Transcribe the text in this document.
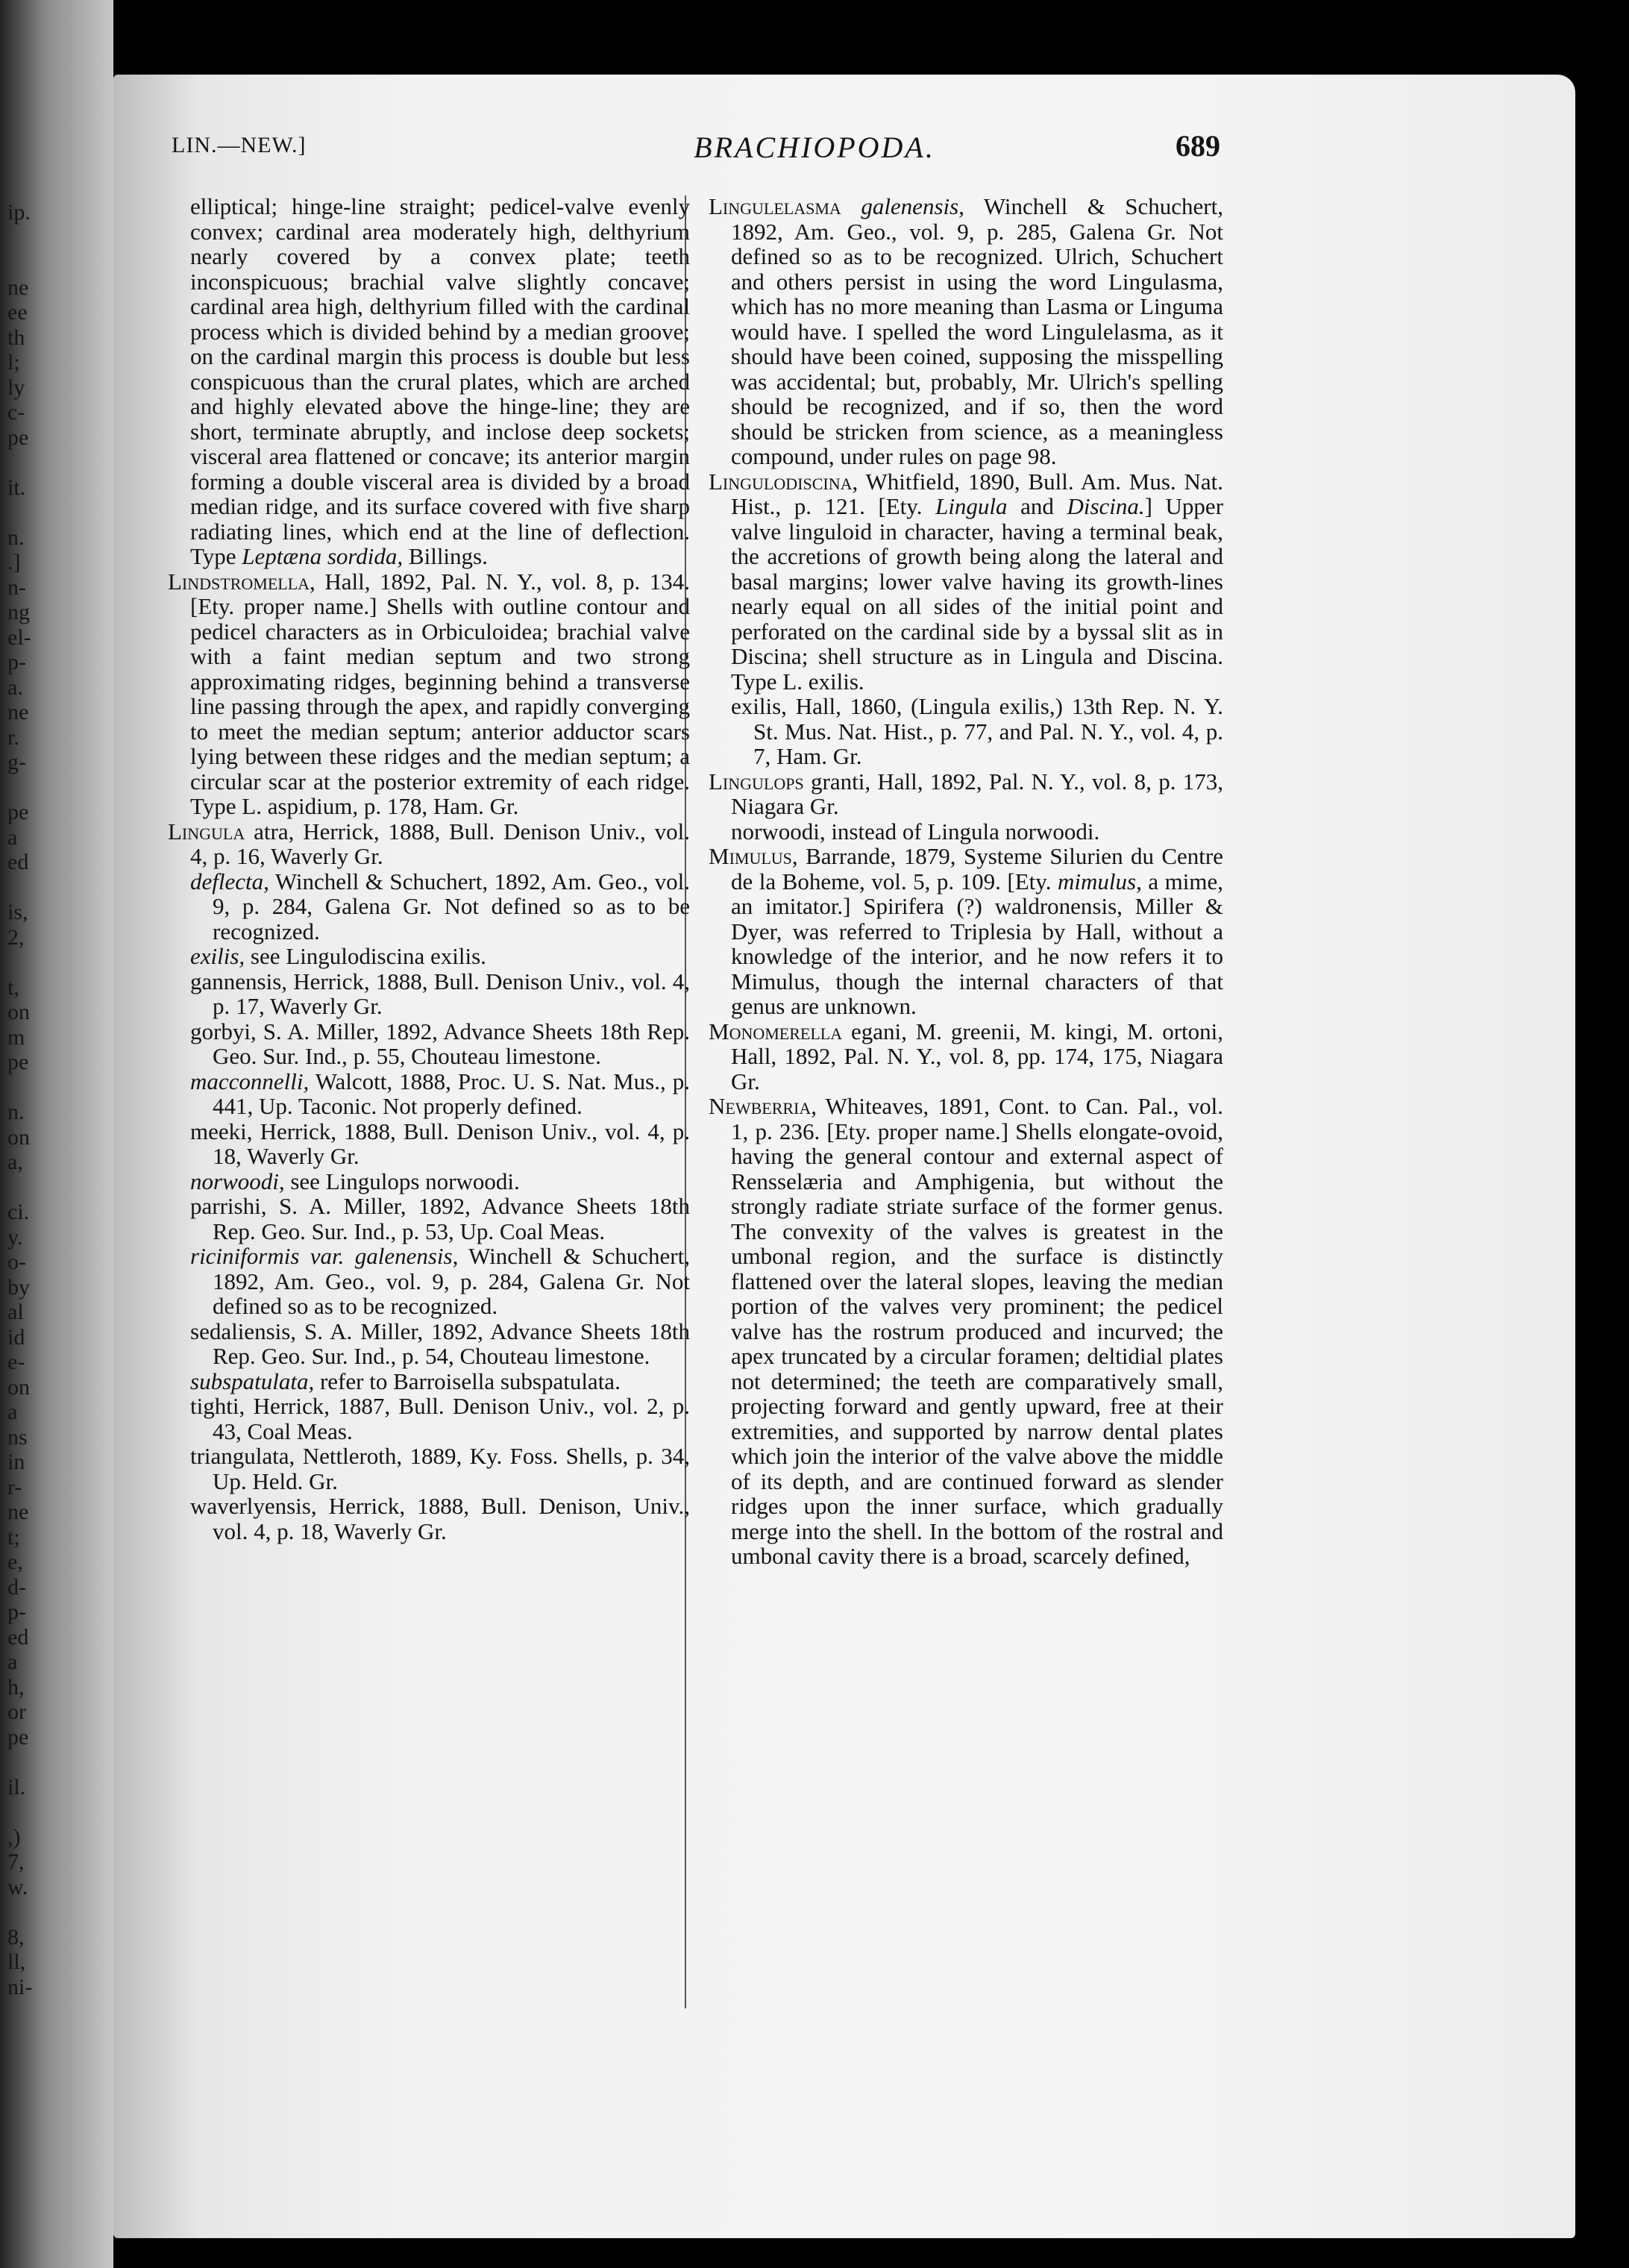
ip.
ne
ee
th
l;
ly
c-
pe
it.
n.
.]
n-
ng
el-
p-
a.
ne
r.
g-
pe
a
ed
is,
2,
t,
on
m
pe
n.
on
a,
ci.
y.
o-
by
al
id
e-
on
a
ns
in
r-
ne
t;
e,
d-
p-
ed
a
h,
or
pe
il.
,)
7,
w.
8,
ll,
ni-
LIN.—NEW.]	BRACHIOPODA.	689

elliptical; hinge-line straight; pedicel-valve evenly convex; cardinal area moderately high, delthyrium nearly covered by a convex plate; teeth inconspicuous; brachial valve slightly concave; cardinal area high, delthyrium filled with the cardinal process which is divided behind by a median groove; on the cardinal margin this process is double but less conspicuous than the crural plates, which are arched and highly elevated above the hinge-line; they are short, terminate abruptly, and inclose deep sockets; visceral area flattened or concave; its anterior margin forming a double visceral area is divided by a broad median ridge, and its surface covered with five sharp radiating lines, which end at the line of deflection. Type Leptæna sordida, Billings.

Lindstromella, Hall, 1892, Pal. N. Y., vol. 8, p. 134. [Ety. proper name.] Shells with outline contour and pedicel characters as in Orbiculoidea; brachial valve with a faint median septum and two strong approximating ridges, beginning behind a transverse line passing through the apex, and rapidly converging to meet the median septum; anterior adductor scars lying between these ridges and the median septum; a circular scar at the posterior extremity of each ridge. Type L. aspidium, p. 178, Ham. Gr.

Lingula atra, Herrick, 1888, Bull. Denison Univ., vol. 4, p. 16, Waverly Gr.

deflecta, Winchell & Schuchert, 1892, Am. Geo., vol. 9, p. 284, Galena Gr. Not defined so as to be recognized.

exilis, see Lingulodiscina exilis.

gannensis, Herrick, 1888, Bull. Denison Univ., vol. 4, p. 17, Waverly Gr.

gorbyi, S. A. Miller, 1892, Advance Sheets 18th Rep. Geo. Sur. Ind., p. 55, Chouteau limestone.

macconnelli, Walcott, 1888, Proc. U. S. Nat. Mus., p. 441, Up. Taconic. Not properly defined.

meeki, Herrick, 1888, Bull. Denison Univ., vol. 4, p. 18, Waverly Gr.

norwoodi, see Lingulops norwoodi.

parrishi, S. A. Miller, 1892, Advance Sheets 18th Rep. Geo. Sur. Ind., p. 53, Up. Coal Meas.

riciniformis var. galenensis, Winchell & Schuchert, 1892, Am. Geo., vol. 9, p. 284, Galena Gr. Not defined so as to be recognized.

sedaliensis, S. A. Miller, 1892, Advance Sheets 18th Rep. Geo. Sur. Ind., p. 54, Chouteau limestone.

subspatulata, refer to Barroisella subspatulata.

tighti, Herrick, 1887, Bull. Denison Univ., vol. 2, p. 43, Coal Meas.

triangulata, Nettleroth, 1889, Ky. Foss. Shells, p. 34, Up. Held. Gr.

waverlyensis, Herrick, 1888, Bull. Denison, Univ., vol. 4, p. 18, Waverly Gr.

Lingulelasma galenensis, Winchell & Schuchert, 1892, Am. Geo., vol. 9, p. 285, Galena Gr. Not defined so as to be recognized. Ulrich, Schuchert and others persist in using the word Lingulasma, which has no more meaning than Lasma or Linguma would have. I spelled the word Lingulelasma, as it should have been coined, supposing the misspelling was accidental; but, probably, Mr. Ulrich's spelling should be recognized, and if so, then the word should be stricken from science, as a meaningless compound, under rules on page 98.

Lingulodiscina, Whitfield, 1890, Bull. Am. Mus. Nat. Hist., p. 121. [Ety. Lingula and Discina.] Upper valve linguloid in character, having a terminal beak, the accretions of growth being along the lateral and basal margins; lower valve having its growth-lines nearly equal on all sides of the initial point and perforated on the cardinal side by a byssal slit as in Discina; shell structure as in Lingula and Discina. Type L. exilis.

exilis, Hall, 1860, (Lingula exilis,) 13th Rep. N. Y. St. Mus. Nat. Hist., p. 77, and Pal. N. Y., vol. 4, p. 7, Ham. Gr.

Lingulops granti, Hall, 1892, Pal. N. Y., vol. 8, p. 173, Niagara Gr.

norwoodi, instead of Lingula norwoodi.

Mimulus, Barrande, 1879, Systeme Silurien du Centre de la Boheme, vol. 5, p. 109. [Ety. mimulus, a mime, an imitator.] Spirifera (?) waldronensis, Miller & Dyer, was referred to Triplesia by Hall, without a knowledge of the interior, and he now refers it to Mimulus, though the internal characters of that genus are unknown.

Monomerella egani, M. greenii, M. kingi, M. ortoni, Hall, 1892, Pal. N. Y., vol. 8, pp. 174, 175, Niagara Gr.

Newberria, Whiteaves, 1891, Cont. to Can. Pal., vol. 1, p. 236. [Ety. proper name.] Shells elongate-ovoid, having the general contour and external aspect of Rensselæria and Amphigenia, but without the strongly radiate striate surface of the former genus. The convexity of the valves is greatest in the umbonal region, and the surface is distinctly flattened over the lateral slopes, leaving the median portion of the valves very prominent; the pedicel valve has the rostrum produced and incurved; the apex truncated by a circular foramen; deltidial plates not determined; the teeth are comparatively small, projecting forward and gently upward, free at their extremities, and supported by narrow dental plates which join the interior of the valve above the middle of its depth, and are continued forward as slender ridges upon the inner surface, which gradually merge into the shell. In the bottom of the rostral and umbonal cavity there is a broad, scarcely defined,
